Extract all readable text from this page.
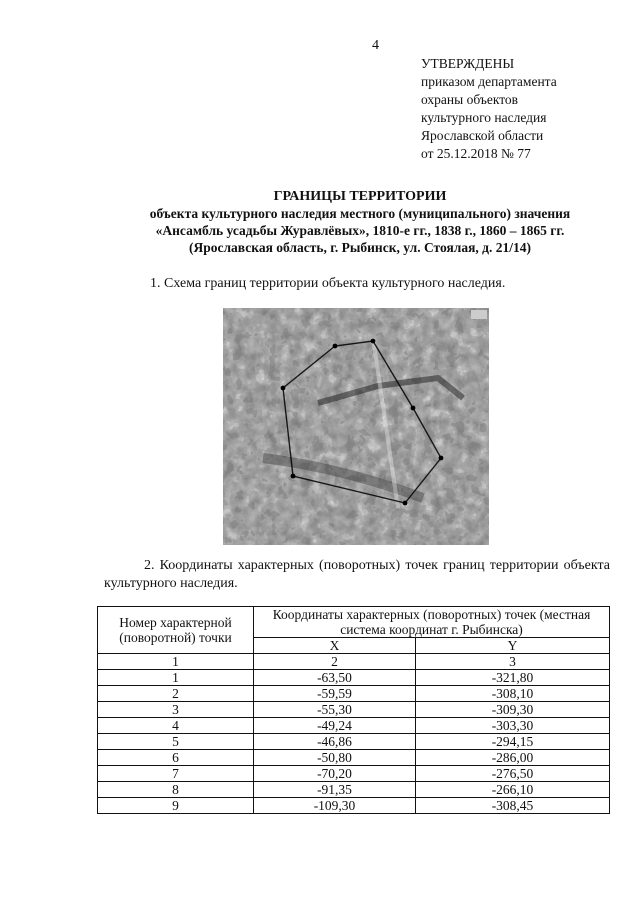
4
УТВЕРЖДЕНЫ
приказом департамента
охраны объектов
культурного наследия
Ярославской области
от 25.12.2018 № 77
ГРАНИЦЫ ТЕРРИТОРИИ
объекта культурного наследия местного (муниципального) значения
«Ансамбль усадьбы Журавлёвых», 1810-е гг., 1838 г., 1860 – 1865 гг.
(Ярославская область, г. Рыбинск, ул. Стоялая, д. 21/14)
1. Схема границ территории объекта культурного наследия.
2. Координаты характерных (поворотных) точек границ территории объекта культурного наследия.
Номер характерной (поворотной) точки	Координаты характерных (поворотных) точек (местная система координат г. Рыбинска)	
	X	Y
1	2	3
1	-63,50	-321,80
2	-59,59	-308,10
3	-55,30	-309,30
4	-49,24	-303,30
5	-46,86	-294,15
6	-50,80	-286,00
7	-70,20	-276,50
8	-91,35	-266,10
9	-109,30	-308,45
